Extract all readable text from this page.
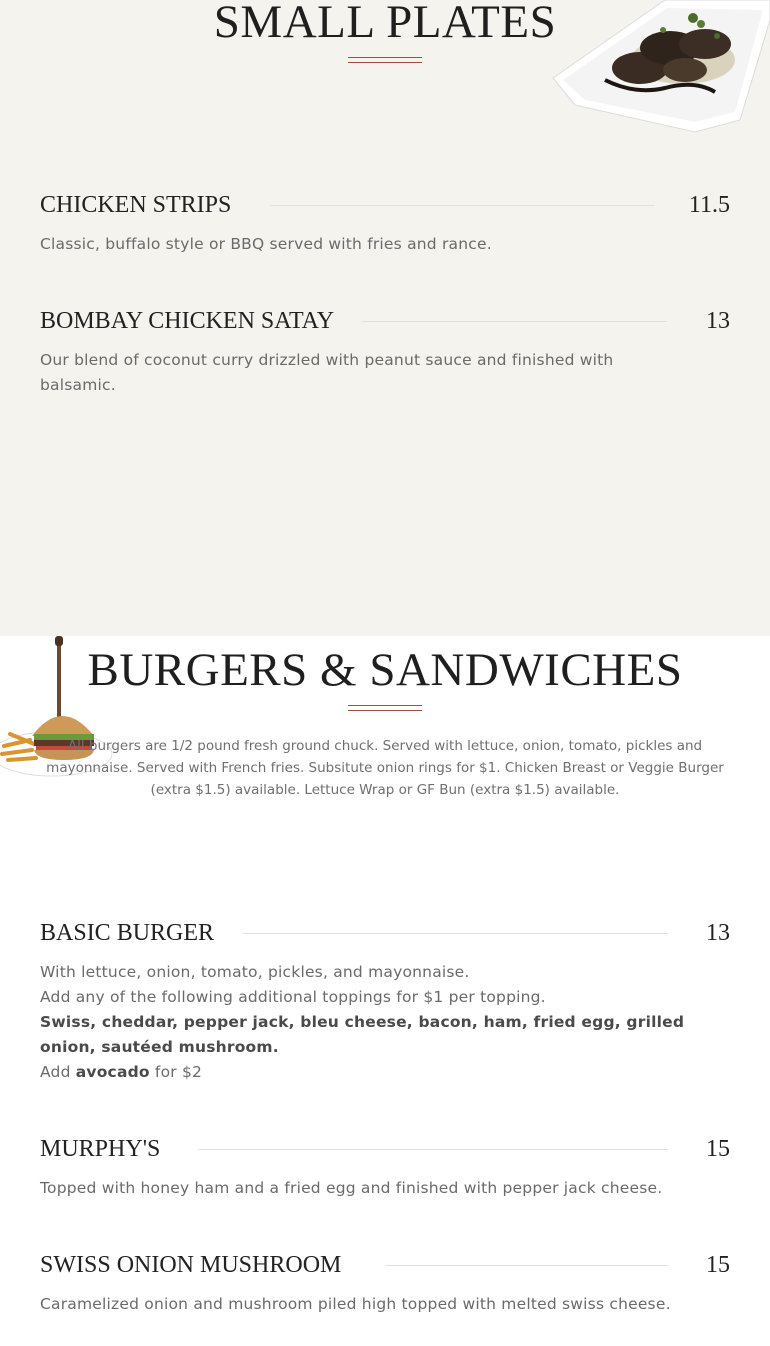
SMALL PLATES
CHICKEN STRIPS	11.5
Classic, buffalo style or BBQ served with fries and rance.
BOMBAY CHICKEN SATAY	13
Our blend of coconut curry drizzled with peanut sauce and finished with balsamic.
BURGERS & SANDWICHES
All burgers are 1/2 pound fresh ground chuck. Served with lettuce, onion, tomato, pickles and mayonnaise. Served with French fries. Subsitute onion rings for $1. Chicken Breast or Veggie Burger (extra $1.5) available. Lettuce Wrap or GF Bun (extra $1.5) available.
BASIC BURGER	13
With lettuce, onion, tomato, pickles, and mayonnaise.
Add any of the following additional toppings for $1 per topping.
Swiss, cheddar, pepper jack, bleu cheese, bacon, ham, fried egg, grilled onion, sautéed mushroom.
Add avocado for $2
MURPHY'S	15
Topped with honey ham and a fried egg and finished with pepper jack cheese.
SWISS ONION MUSHROOM	15
Caramelized onion and mushroom piled high topped with melted swiss cheese.
